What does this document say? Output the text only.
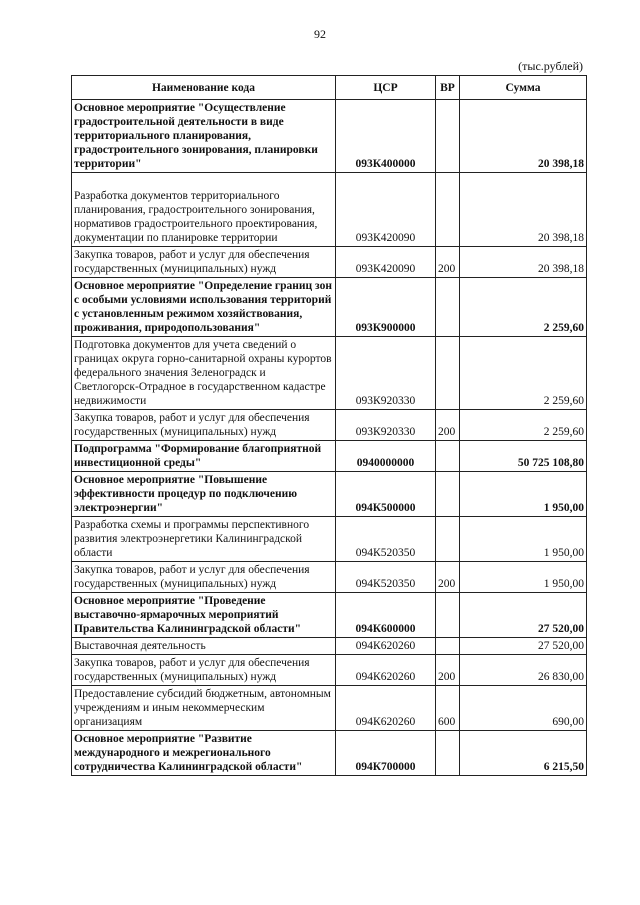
92
(тыс.рублей)
Наименование кода	ЦСР	ВР	Сумма
Основное мероприятие "Осуществление градостроительной деятельности в виде территориального планирования, градостроительного зонирования, планировки территории"	093К400000		20 398,18
Разработка документов территориального планирования, градостроительного зонирования, нормативов градостроительного проектирования, документации по планировке территории	093К420090		20 398,18
Закупка товаров, работ и услуг для обеспечения государственных (муниципальных) нужд	093К420090	200	20 398,18
Основное мероприятие "Определение границ зон с особыми условиями использования территорий с установленным режимом хозяйствования, проживания, природопользования"	093К900000		2 259,60
Подготовка документов для учета сведений о границах округа горно-санитарной охраны курортов федерального значения Зеленоградск и Светлогорск-Отрадное в государственном кадастре недвижимости	093К920330		2 259,60
Закупка товаров, работ и услуг для обеспечения государственных (муниципальных) нужд	093К920330	200	2 259,60
Подпрограмма "Формирование благоприятной инвестиционной среды"	0940000000		50 725 108,80
Основное мероприятие "Повышение эффективности процедур по подключению электроэнергии"	094К500000		1 950,00
Разработка схемы и программы перспективного развития электроэнергетики Калининградской области	094К520350		1 950,00
Закупка товаров, работ и услуг для обеспечения государственных (муниципальных) нужд	094К520350	200	1 950,00
Основное мероприятие "Проведение выставочно-ярмарочных мероприятий Правительства Калининградской области"	094К600000		27 520,00
Выставочная деятельность	094К620260		27 520,00
Закупка товаров, работ и услуг для обеспечения государственных (муниципальных) нужд	094К620260	200	26 830,00
Предоставление субсидий бюджетным, автономным учреждениям и иным некоммерческим организациям	094К620260	600	690,00
Основное мероприятие "Развитие международного и межрегионального сотрудничества Калининградской области"	094К700000		6 215,50
